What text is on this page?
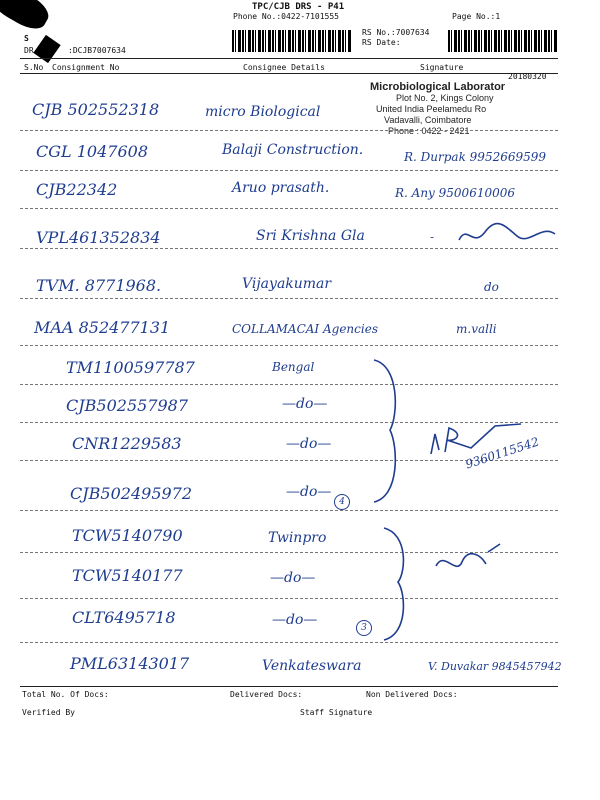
TPC/CJB DRS - P41
Phone No.:0422-7101555	Page No.:1
RS No.:7007634
RS Date:
S
DR	:DCJB7007634
S.No Consignment No	Consignee Details	Signature
20180320
Microbiological Laborator
Plot No. 2, Kings Colony
United India Peelamedu Ro
Vadavalli, Coimbatore
Phone : 0422 - 2421
CJB 502552318	micro Biological
CGL 1047608	Balaji Construction.	R. Durpak 9952669599
CJB22342	Aruo prasath.	R. Any 9500610006
VPL461352834	Sri Krishna Gla	-
TVM. 8771968.	Vijayakumar	do
MAA 852477131	COLLAMACAI Agencies	m.valli
TM1100597787	Bengal
CJB502557987	—do—
CNR1229583	—do—	9360115542
CJB502495972	—do—
4
TCW5140790	Twinpro
TCW5140177	—do—
CLT6495718	—do—	3
PML63143017	Venkateswara	V. Duvakar 9845457942
Total No. Of Docs:	Delivered Docs:	Non Delivered Docs:
Verified By	Staff Signature
